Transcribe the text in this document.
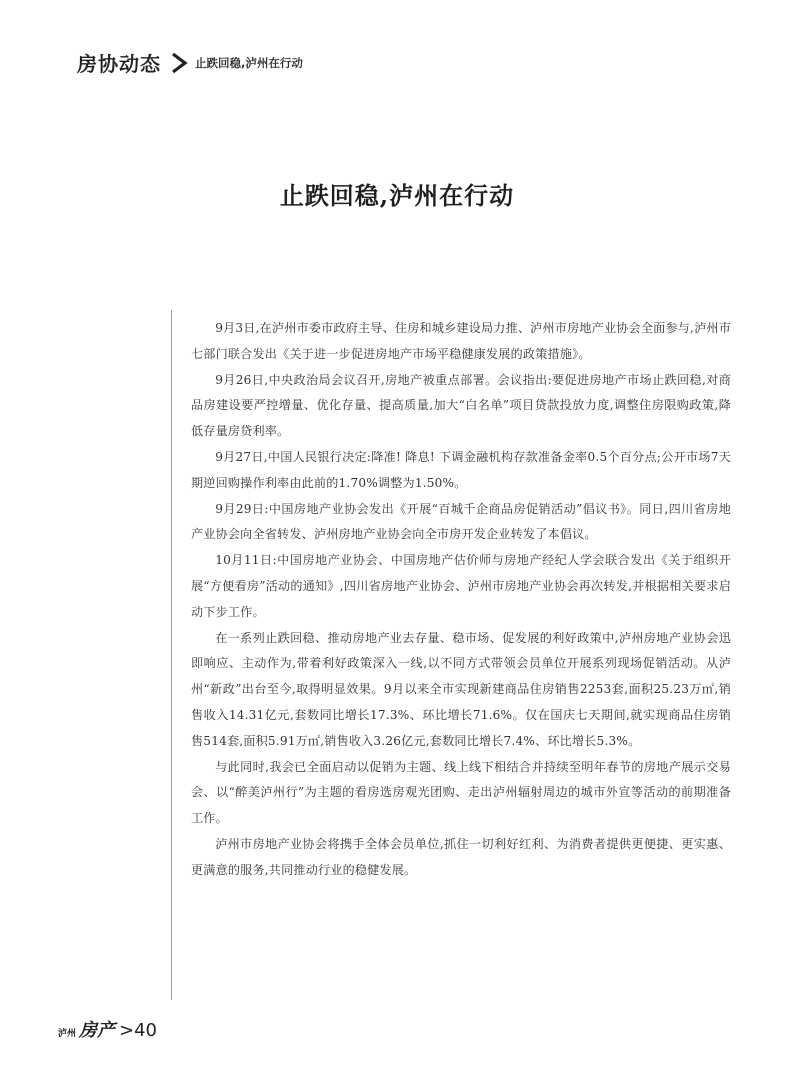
房协动态	止跌回稳,泸州在行动
止跌回稳,泸州在行动

9月3日,在泸州市委市政府主导、住房和城乡建设局力推、泸州市房地产业协会全面参与,泸州市七部门联合发出《关于进一步促进房地产市场平稳健康发展的政策措施》。

9月26日,中央政治局会议召开,房地产被重点部署。会议指出:要促进房地产市场止跌回稳,对商品房建设要严控增量、优化存量、提高质量,加大“白名单”项目贷款投放力度,调整住房限购政策,降低存量房贷利率。

9月27日,中国人民银行决定:降准! 降息! 下调金融机构存款准备金率0.5个百分点;公开市场7天期逆回购操作利率由此前的1.70%调整为1.50%。

9月29日:中国房地产业协会发出《开展“百城千企商品房促销活动”倡议书》。同日,四川省房地产业协会向全省转发、泸州房地产业协会向全市房开发企业转发了本倡议。

10月11日:中国房地产业协会、中国房地产估价师与房地产经纪人学会联合发出《关于组织开展“方便看房”活动的通知》,四川省房地产业协会、泸州市房地产业协会再次转发,并根据相关要求启动下步工作。

在一系列止跌回稳、推动房地产业去存量、稳市场、促发展的利好政策中,泸州房地产业协会迅即响应、主动作为,带着利好政策深入一线,以不同方式带领会员单位开展系列现场促销活动。从泸州“新政”出台至今,取得明显效果。9月以来全市实现新建商品住房销售2253套,面积25.23万㎡,销售收入14.31亿元,套数同比增长17.3%、环比增长71.6%。仅在国庆七天期间,就实现商品住房销售514套,面积5.91万㎡,销售收入3.26亿元,套数同比增长7.4%、环比增长5.3%。

与此同时,我会已全面启动以促销为主题、线上线下相结合并持续至明年春节的房地产展示交易会、以“醉美泸州行”为主题的看房选房观光团购、走出泸州辐射周边的城市外宣等活动的前期准备工作。

泸州市房地产业协会将携手全体会员单位,抓住一切利好红利、为消费者提供更便捷、更实惠、更满意的服务,共同推动行业的稳健发展。

泸州 房产 >40
